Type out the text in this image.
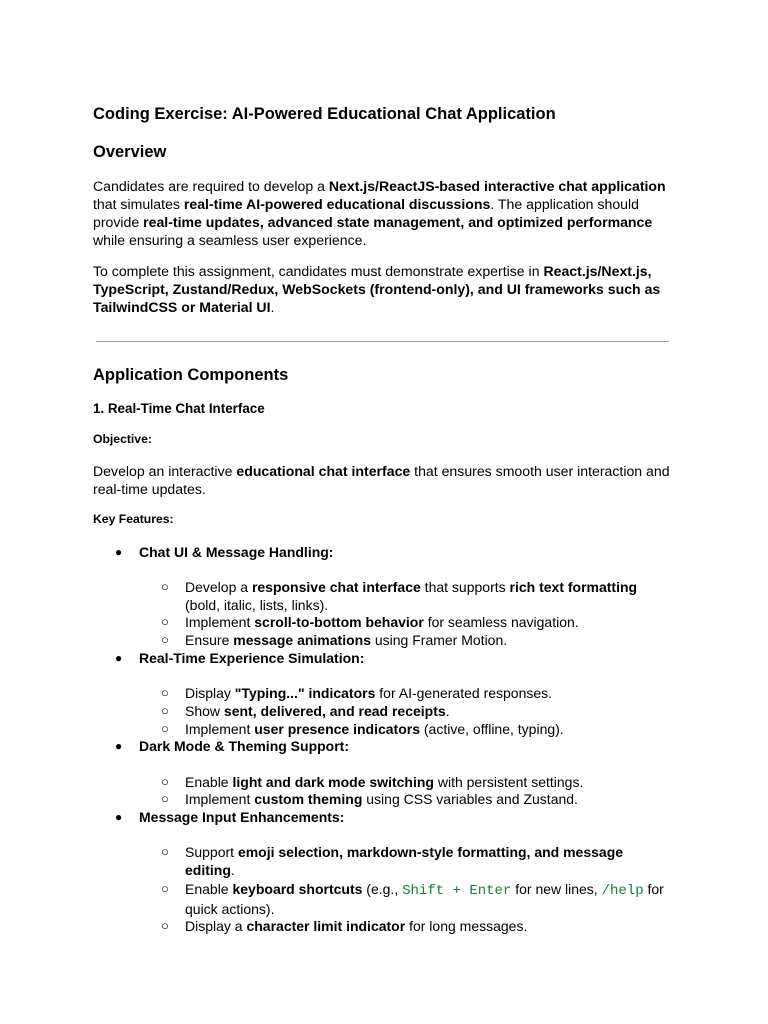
Coding Exercise: AI-Powered Educational Chat Application
Overview

Candidates are required to develop a Next.js/ReactJS-based interactive chat application that simulates real-time AI-powered educational discussions. The application should provide real-time updates, advanced state management, and optimized performance while ensuring a seamless user experience.

To complete this assignment, candidates must demonstrate expertise in React.js/Next.js, TypeScript, Zustand/Redux, WebSockets (frontend-only), and UI frameworks such as TailwindCSS or Material UI.

Application Components
1. Real-Time Chat Interface
Objective:

Develop an interactive educational chat interface that ensures smooth user interaction and real-time updates.

Key Features:
● Chat UI & Message Handling:
○ Develop a responsive chat interface that supports rich text formatting (bold, italic, lists, links).
○ Implement scroll-to-bottom behavior for seamless navigation.
○ Ensure message animations using Framer Motion.
● Real-Time Experience Simulation:
○ Display "Typing..." indicators for AI-generated responses.
○ Show sent, delivered, and read receipts.
○ Implement user presence indicators (active, offline, typing).
● Dark Mode & Theming Support:
○ Enable light and dark mode switching with persistent settings.
○ Implement custom theming using CSS variables and Zustand.
● Message Input Enhancements:
○ Support emoji selection, markdown-style formatting, and message editing.
○ Enable keyboard shortcuts (e.g., Shift + Enter for new lines, /help for quick actions).
○ Display a character limit indicator for long messages.
